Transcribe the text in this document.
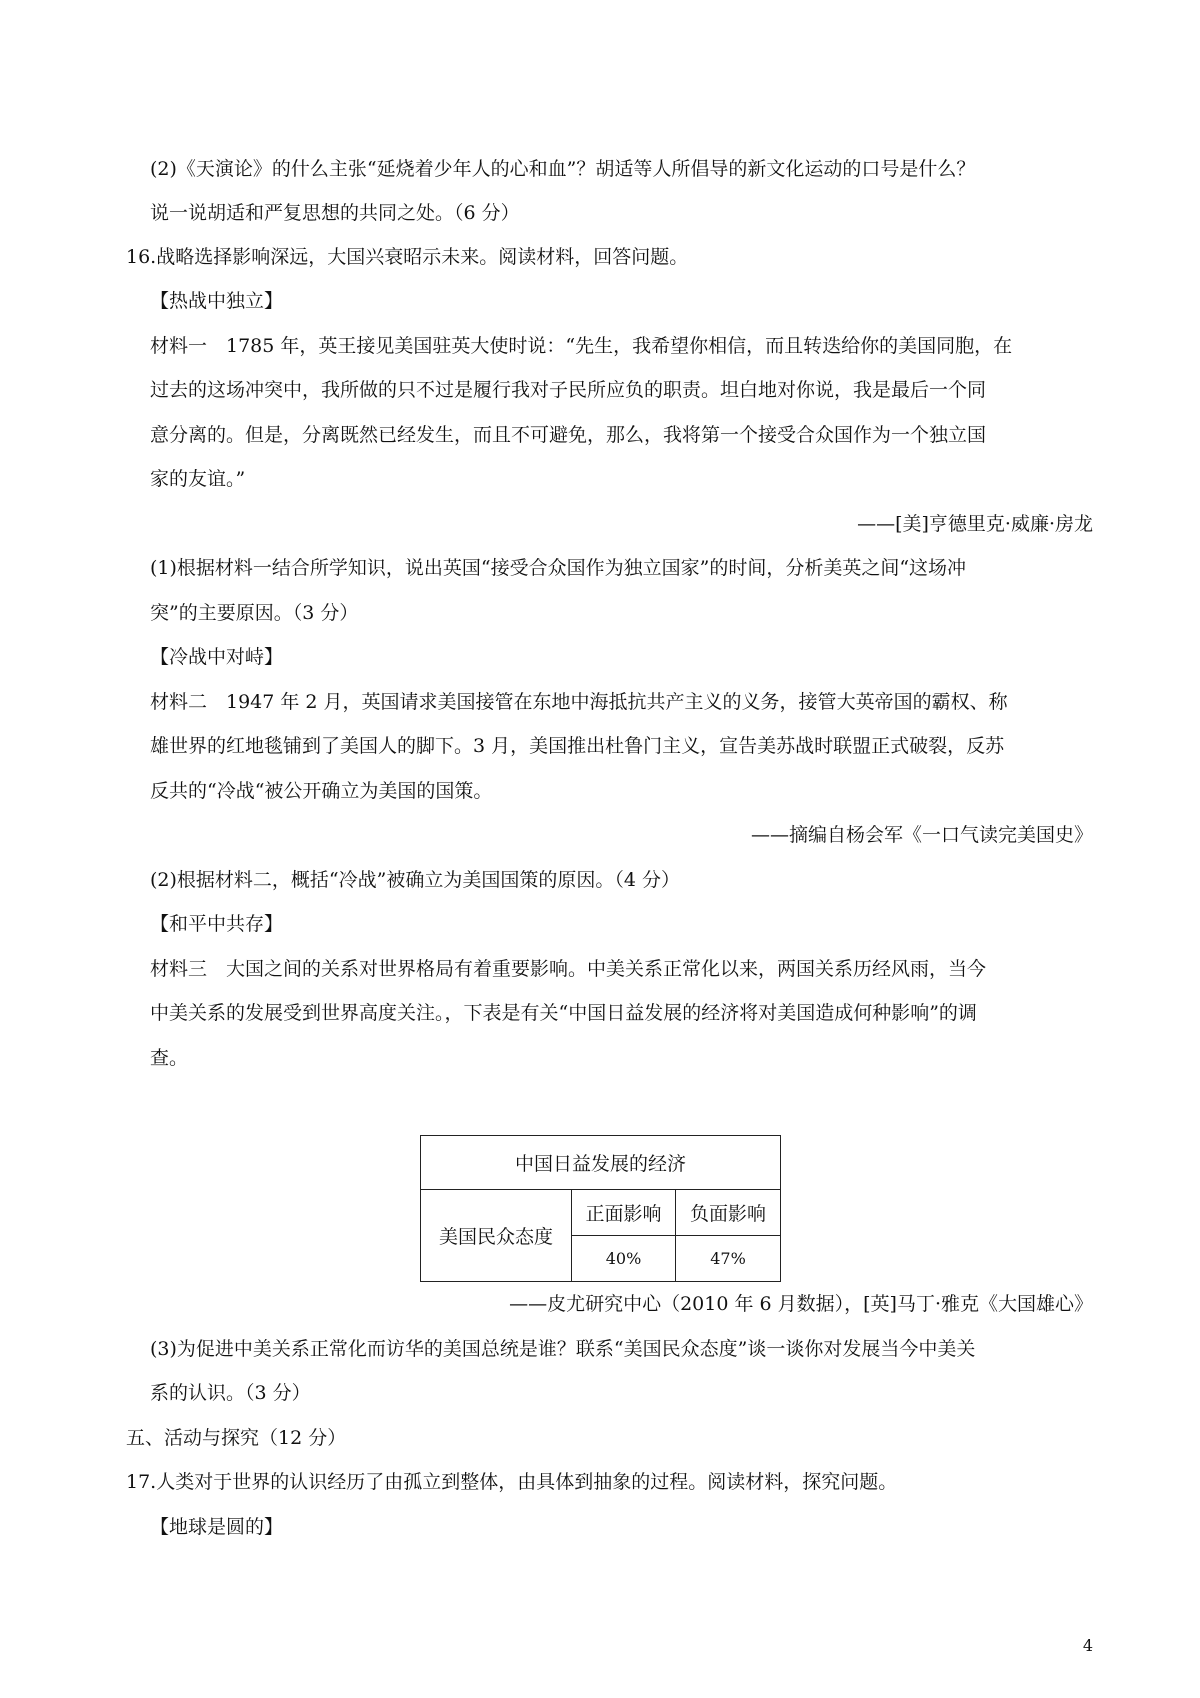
(2)《天演论》的什么主张“延烧着少年人的心和血”？胡适等人所倡导的新文化运动的口号是什么？
说一说胡适和严复思想的共同之处。（6 分）
16.战略选择影响深远，大国兴衰昭示未来。阅读材料，回答问题。
【热战中独立】
材料一　1785 年，英王接见美国驻英大使时说：“先生，我希望你相信，而且转迭给你的美国同胞，在
过去的这场冲突中，我所做的只不过是履行我对子民所应负的职责。坦白地对你说，我是最后一个同
意分离的。但是，分离既然已经发生，而且不可避免，那么，我将第一个接受合众国作为一个独立国
家的友谊。”
——[美]亨德里克·威廉·房龙
(1)根据材料一结合所学知识，说出英国“接受合众国作为独立国家”的时间，分析美英之间“这场冲
突”的主要原因。（3 分）
【冷战中对峙】
材料二　1947 年 2 月，英国请求美国接管在东地中海抵抗共产主义的义务，接管大英帝国的霸权、称
雄世界的红地毯铺到了美国人的脚下。3 月，美国推出杜鲁门主义，宣告美苏战时联盟正式破裂，反苏
反共的“冷战“被公开确立为美国的国策。
——摘编自杨会军《一口气读完美国史》
(2)根据材料二，概括“冷战”被确立为美国国策的原因。（4 分）
【和平中共存】
材料三　大国之间的关系对世界格局有着重要影响。中美关系正常化以来，两国关系历经风雨，当今
中美关系的发展受到世界高度关注。，下表是有关“中国日益发展的经济将对美国造成何种影响”的调
查。
中国日益发展的经济		
美国民众态度	正面影响	负面影响
	40%	47%
——皮尤研究中心（2010 年 6 月数据），[英]马丁·雅克《大国雄心》
(3)为促进中美关系正常化而访华的美国总统是谁？联系“美国民众态度”谈一谈你对发展当今中美关
系的认识。（3 分）
五、活动与探究（12 分）
17.人类对于世界的认识经历了由孤立到整体，由具体到抽象的过程。阅读材料，探究问题。
【地球是圆的】
4
